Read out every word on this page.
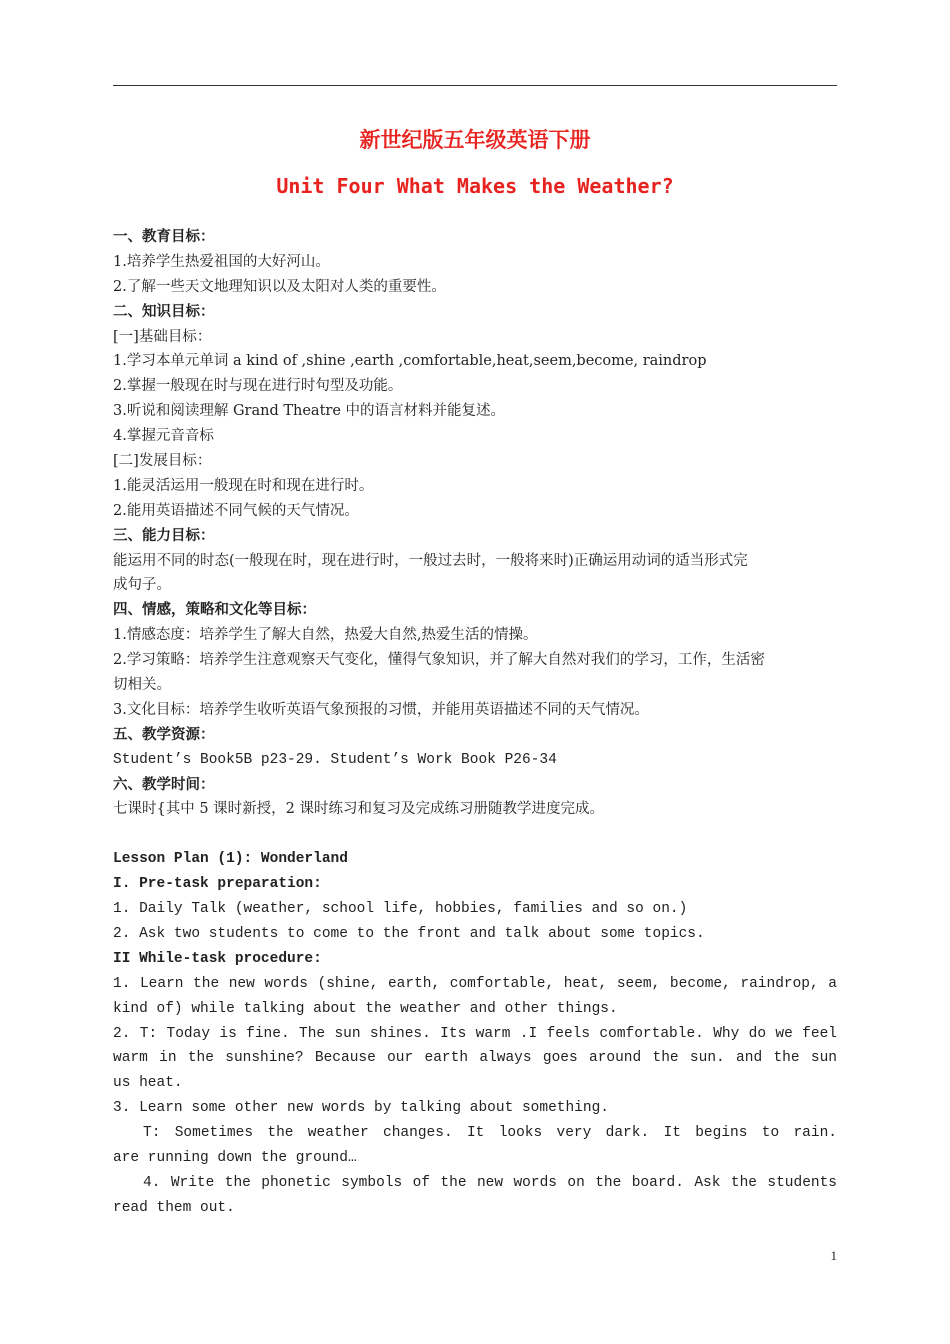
新世纪版五年级英语下册
Unit Four What Makes the Weather?
一、教育目标：
1.培养学生热爱祖国的大好河山。
2.了解一些天文地理知识以及太阳对人类的重要性。
二、知识目标：
[一]基础目标：
1.学习本单元单词 a kind of ,shine ,earth ,comfortable,heat,seem,become, raindrop
2.掌握一般现在时与现在进行时句型及功能。
3.听说和阅读理解 Grand Theatre 中的语言材料并能复述。
4.掌握元音音标
[二]发展目标：
1.能灵活运用一般现在时和现在进行时。
2.能用英语描述不同气候的天气情况。
三、能力目标：
能运用不同的时态(一般现在时，现在进行时，一般过去时，一般将来时)正确运用动词的适当形式完
成句子。
四、情感，策略和文化等目标：
1.情感态度：培养学生了解大自然，热爱大自然,热爱生活的情操。
2.学习策略：培养学生注意观察天气变化，懂得气象知识，并了解大自然对我们的学习，工作，生活密
切相关。
3.文化目标：培养学生收听英语气象预报的习惯，并能用英语描述不同的天气情况。
五、教学资源：
Student’s Book5B p23-29. Student’s Work Book P26-34
六、教学时间：
七课时{其中 5 课时新授，2 课时练习和复习及完成练习册随教学进度完成。
Lesson Plan (1): Wonderland
I. Pre-task preparation:
1. Daily Talk (weather, school life, hobbies, families and so on.)
2. Ask two students to come to the front and talk about some topics.
II While-task procedure:
1. Learn the new words (shine, earth, comfortable, heat, seem, become, raindrop, a
kind of) while talking about the weather and other things.
2. T: Today is fine. The sun shines. Its warm .I feels comfortable. Why do we feel
warm in the sunshine? Because our earth always goes around the sun. and the sun
us heat.
3. Learn some other new words by talking about something.
T: Sometimes the weather changes. It looks very dark. It begins to rain.
are running down the ground…
4. Write the phonetic symbols of the new words on the board. Ask the students
read them out.
1
